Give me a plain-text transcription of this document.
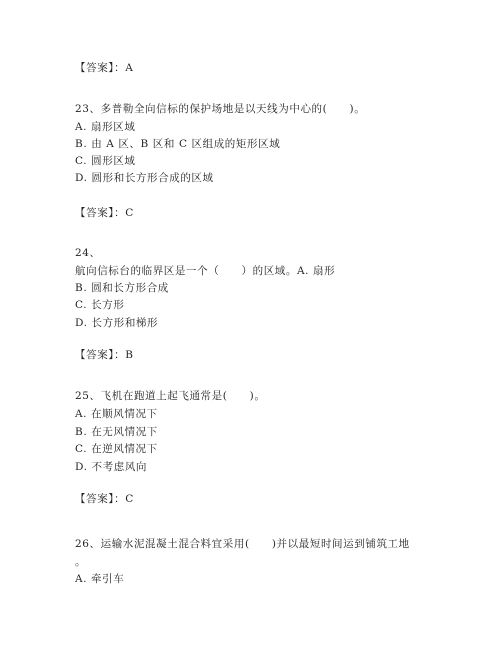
【答案】：A
23、多普勒全向信标的保护场地是以天线为中心的(　　)。
A. 扇形区域
B. 由 A 区、B 区和 C 区组成的矩形区域
C. 圆形区域
D. 圆形和长方形合成的区域
【答案】：C
24、
航向信标台的临界区是一个（　　）的区域。A. 扇形
B. 圆和长方形合成
C. 长方形
D. 长方形和梯形
【答案】：B
25、飞机在跑道上起飞通常是(　　)。
A. 在顺风情况下
B. 在无风情况下
C. 在逆风情况下
D. 不考虑风向
【答案】：C
26、运输水泥混凝土混合料宜采用(　　)并以最短时间运到铺筑工地
。
A. 牵引车
